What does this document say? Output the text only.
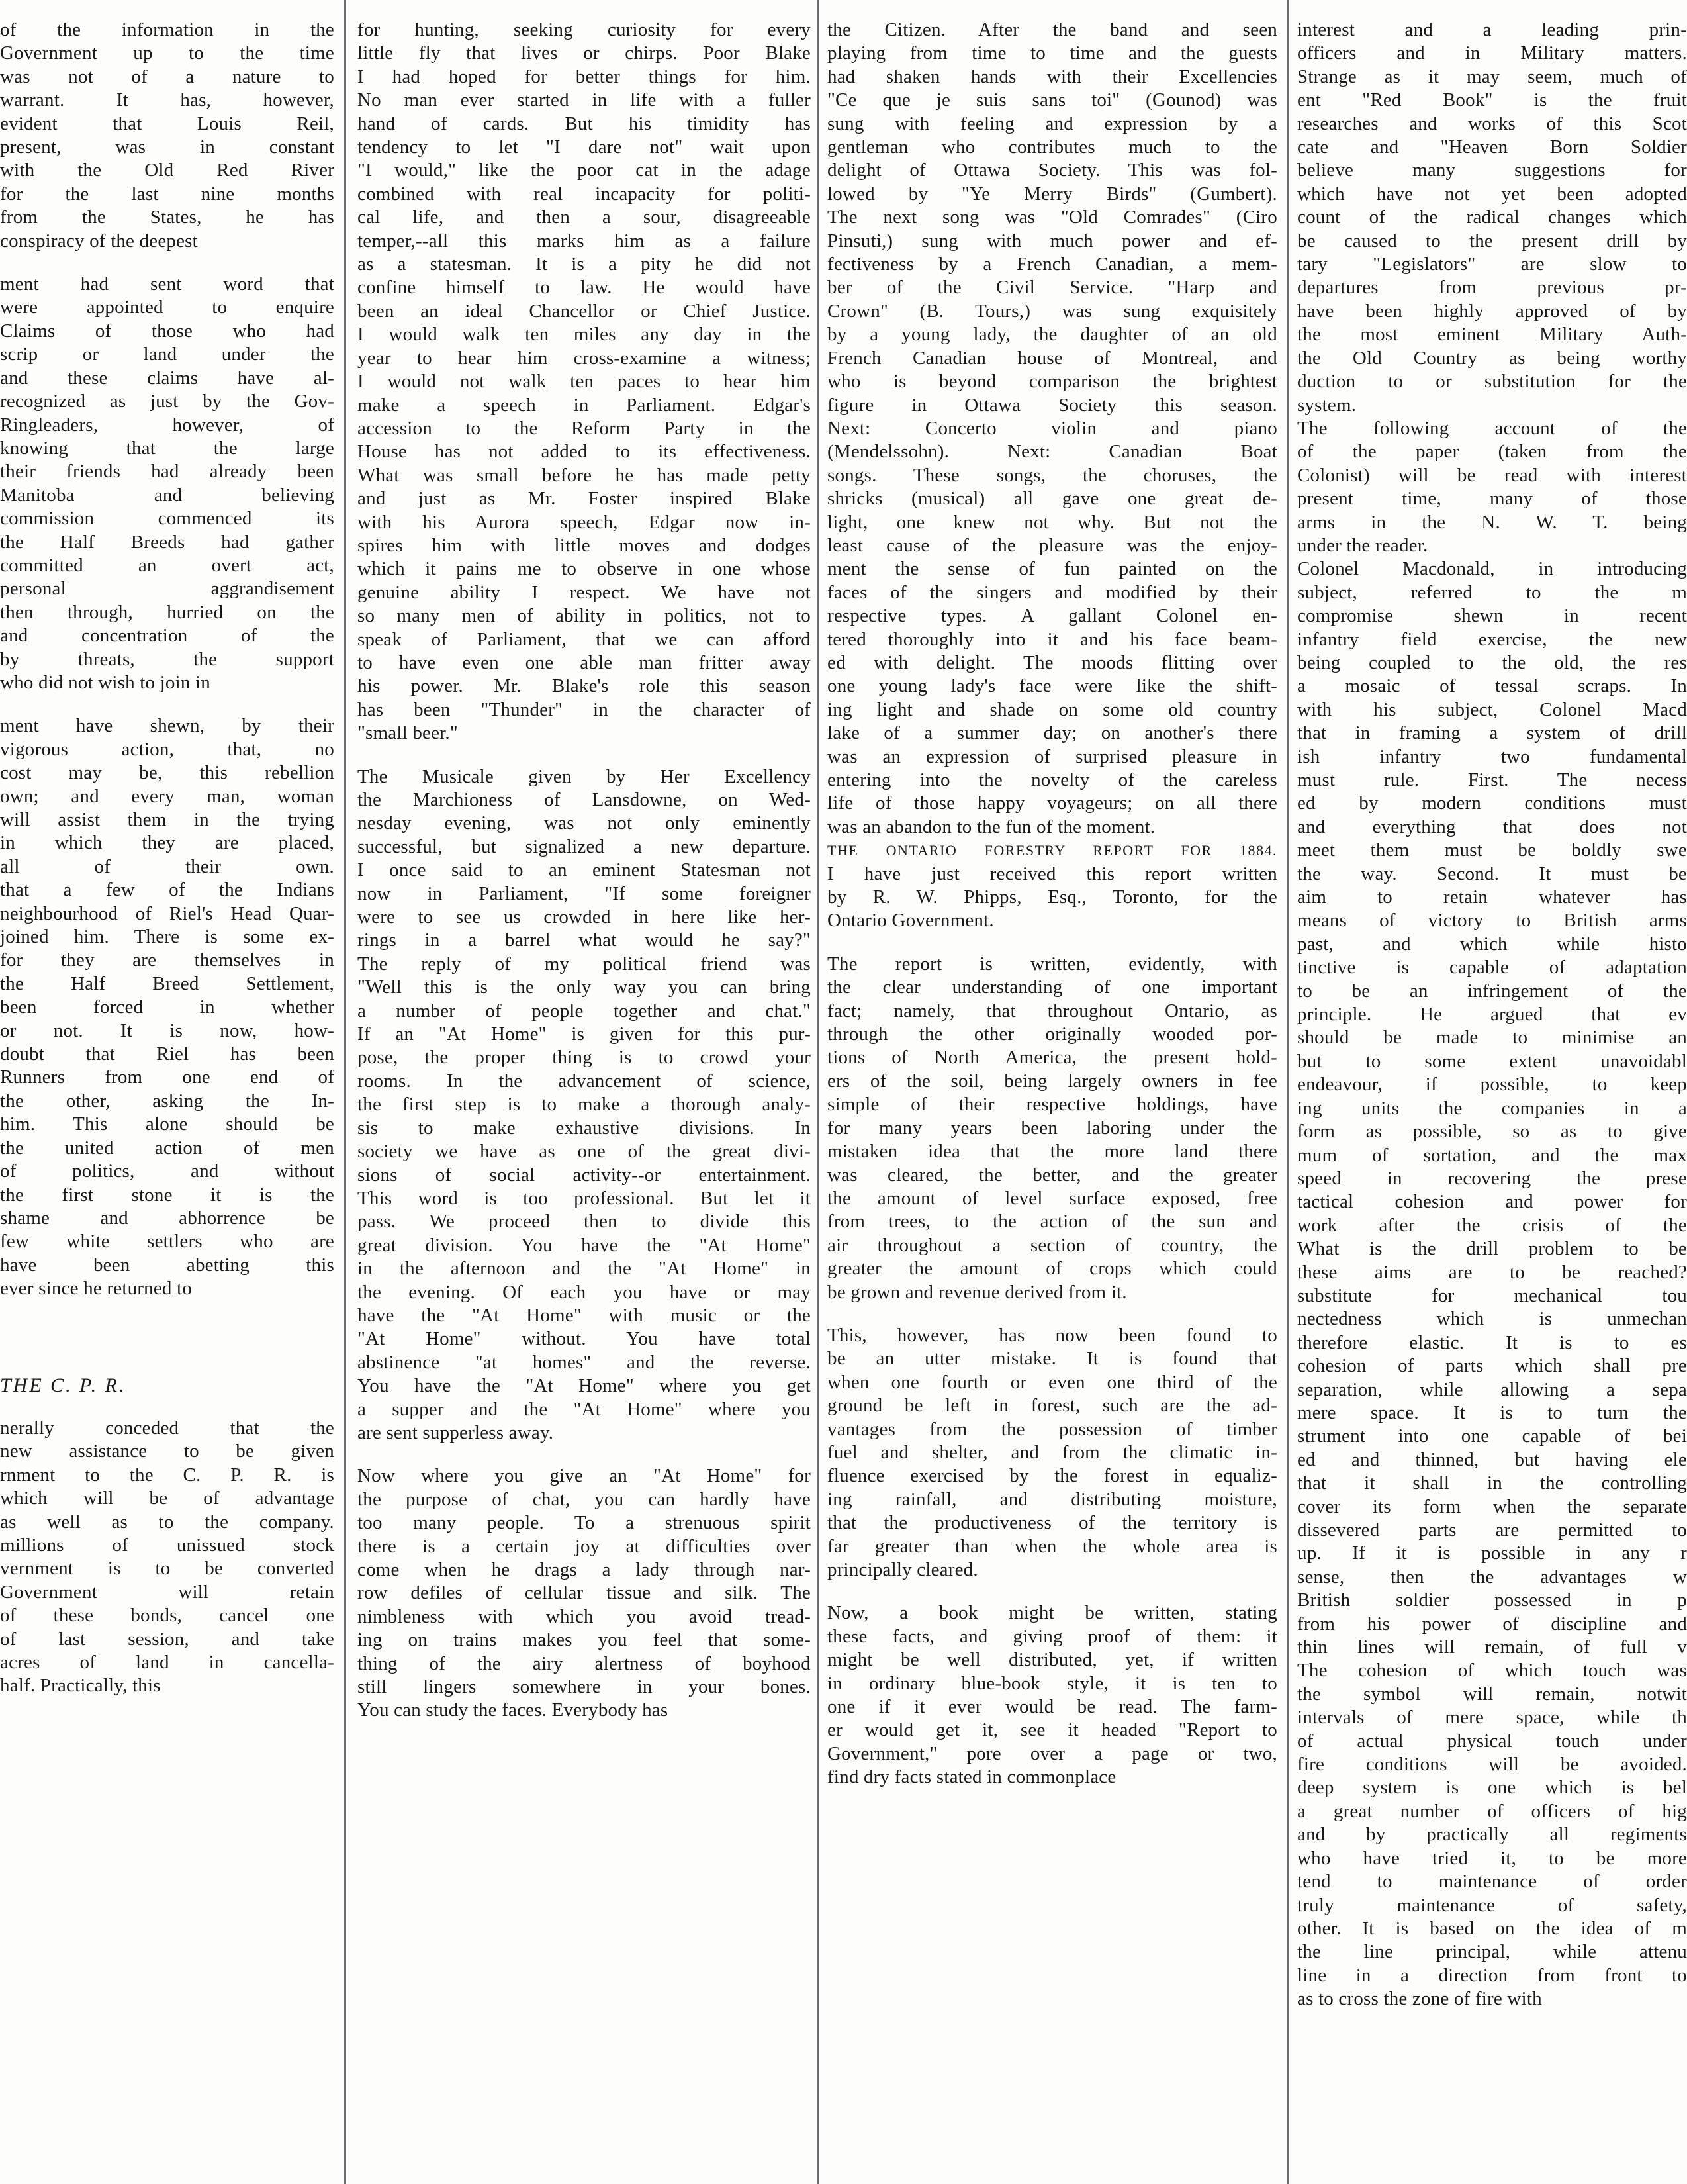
of the information in the
Government up to the time
was not of a nature to
warrant. It has, however,
evident that Louis Reil,
present, was in constant
with the Old Red River
for the last nine months
from the States, he has
conspiracy of the deepest
ment had sent word that
were appointed to enquire
Claims of those who had
scrip or land under the
and these claims have al-
recognized as just by the Gov-
Ringleaders, however, of
knowing that the large
their friends had already been
Manitoba and believing
commission commenced its
the Half Breeds had gather
committed an overt act,
personal aggrandisement
then through, hurried on the
and concentration of the
by threats, the support
who did not wish to join in
ment have shewn, by their
vigorous action, that, no
cost may be, this rebellion
own; and every man, woman
will assist them in the trying
in which they are placed,
all of their own.
that a few of the Indians
neighbourhood of Riel's Head Quar-
joined him. There is some ex-
for they are themselves in
the Half Breed Settlement,
been forced in whether
or not. It is now, how-
doubt that Riel has been
Runners from one end of
the other, asking the In-
him. This alone should be
the united action of men
of politics, and without
the first stone it is the
shame and abhorrence be
few white settlers who are
have been abetting this
ever since he returned to
THE C. P. R.
nerally conceded that the
new assistance to be given
rnment to the C. P. R. is
which will be of advantage
as well as to the company.
millions of unissued stock
vernment is to be converted
Government will retain
of these bonds, cancel one
of last session, and take
acres of land in cancella-
half. Practically, this
for hunting, seeking curiosity for every
little fly that lives or chirps. Poor Blake
I had hoped for better things for him.
No man ever started in life with a fuller
hand of cards. But his timidity has
tendency to let "I dare not" wait upon
"I would," like the poor cat in the adage
combined with real incapacity for politi-
cal life, and then a sour, disagreeable
temper,--all this marks him as a failure
as a statesman. It is a pity he did not
confine himself to law. He would have
been an ideal Chancellor or Chief Justice.
I would walk ten miles any day in the
year to hear him cross-examine a witness;
I would not walk ten paces to hear him
make a speech in Parliament. Edgar's
accession to the Reform Party in the
House has not added to its effectiveness.
What was small before he has made petty
and just as Mr. Foster inspired Blake
with his Aurora speech, Edgar now in-
spires him with little moves and dodges
which it pains me to observe in one whose
genuine ability I respect. We have not
so many men of ability in politics, not to
speak of Parliament, that we can afford
to have even one able man fritter away
his power. Mr. Blake's role this season
has been "Thunder" in the character of
"small beer."
The Musicale given by Her Excellency
the Marchioness of Lansdowne, on Wed-
nesday evening, was not only eminently
successful, but signalized a new departure.
I once said to an eminent Statesman not
now in Parliament, "If some foreigner
were to see us crowded in here like her-
rings in a barrel what would he say?"
The reply of my political friend was
"Well this is the only way you can bring
a number of people together and chat."
If an "At Home" is given for this pur-
pose, the proper thing is to crowd your
rooms. In the advancement of science,
the first step is to make a thorough analy-
sis to make exhaustive divisions. In
society we have as one of the great divi-
sions of social activity--or entertainment.
This word is too professional. But let it
pass. We proceed then to divide this
great division. You have the "At Home"
in the afternoon and the "At Home" in
the evening. Of each you have or may
have the "At Home" with music or the
"At Home" without. You have total
abstinence "at homes" and the reverse.
You have the "At Home" where you get
a supper and the "At Home" where you
are sent supperless away.
Now where you give an "At Home" for
the purpose of chat, you can hardly have
too many people. To a strenuous spirit
there is a certain joy at difficulties over
come when he drags a lady through nar-
row defiles of cellular tissue and silk. The
nimbleness with which you avoid tread-
ing on trains makes you feel that some-
thing of the airy alertness of boyhood
still lingers somewhere in your bones.
You can study the faces. Everybody has
the Citizen. After the band and seen
playing from time to time and the guests
had shaken hands with their Excellencies
"Ce que je suis sans toi" (Gounod) was
sung with feeling and expression by a
gentleman who contributes much to the
delight of Ottawa Society. This was fol-
lowed by "Ye Merry Birds" (Gumbert).
The next song was "Old Comrades" (Ciro
Pinsuti,) sung with much power and ef-
fectiveness by a French Canadian, a mem-
ber of the Civil Service. "Harp and
Crown" (B. Tours,) was sung exquisitely
by a young lady, the daughter of an old
French Canadian house of Montreal, and
who is beyond comparison the brightest
figure in Ottawa Society this season.
Next: Concerto violin and piano
(Mendelssohn). Next: Canadian Boat
songs. These songs, the choruses, the
shricks (musical) all gave one great de-
light, one knew not why. But not the
least cause of the pleasure was the enjoy-
ment the sense of fun painted on the
faces of the singers and modified by their
respective types. A gallant Colonel en-
tered thoroughly into it and his face beam-
ed with delight. The moods flitting over
one young lady's face were like the shift-
ing light and shade on some old country
lake of a summer day; on another's there
was an expression of surprised pleasure in
entering into the novelty of the careless
life of those happy voyageurs; on all there
was an abandon to the fun of the moment.
THE ONTARIO FORESTRY REPORT FOR 1884.
I have just received this report written
by R. W. Phipps, Esq., Toronto, for the
Ontario Government.
The report is written, evidently, with
the clear understanding of one important
fact; namely, that throughout Ontario, as
through the other originally wooded por-
tions of North America, the present hold-
ers of the soil, being largely owners in fee
simple of their respective holdings, have
for many years been laboring under the
mistaken idea that the more land there
was cleared, the better, and the greater
the amount of level surface exposed, free
from trees, to the action of the sun and
air throughout a section of country, the
greater the amount of crops which could
be grown and revenue derived from it.
This, however, has now been found to
be an utter mistake. It is found that
when one fourth or even one third of the
ground be left in forest, such are the ad-
vantages from the possession of timber
fuel and shelter, and from the climatic in-
fluence exercised by the forest in equaliz-
ing rainfall, and distributing moisture,
that the productiveness of the territory is
far greater than when the whole area is
principally cleared.
Now, a book might be written, stating
these facts, and giving proof of them: it
might be well distributed, yet, if written
in ordinary blue-book style, it is ten to
one if it ever would be read. The farm-
er would get it, see it headed "Report to
Government," pore over a page or two,
find dry facts stated in commonplace
interest and a leading prin-
officers and in Military matters.
Strange as it may seem, much of
ent "Red Book" is the fruit
researches and works of this Scot
cate and "Heaven Born Soldier
believe many suggestions for
which have not yet been adopted
count of the radical changes which
be caused to the present drill by
tary "Legislators" are slow to
departures from previous pr-
have been highly approved of by
the most eminent Military Auth-
the Old Country as being worthy
duction to or substitution for the
system.
The following account of the
of the paper (taken from the
Colonist) will be read with interest
present time, many of those
arms in the N. W. T. being
under the reader.
Colonel Macdonald, in introducing
subject, referred to the m
compromise shewn in recent
infantry field exercise, the new
being coupled to the old, the res
a mosaic of tessal scraps. In
with his subject, Colonel Macd
that in framing a system of drill
ish infantry two fundamental
must rule. First. The necess
ed by modern conditions must
and everything that does not
meet them must be boldly swe
the way. Second. It must be
aim to retain whatever has
means of victory to British arms
past, and which while histo
tinctive is capable of adaptation
to be an infringement of the
principle. He argued that ev
should be made to minimise an
but to some extent unavoidabl
endeavour, if possible, to keep
ing units the companies in a
form as possible, so as to give
mum of sortation, and the max
speed in recovering the prese
tactical cohesion and power for
work after the crisis of the
What is the drill problem to be
these aims are to be reached?
substitute for mechanical tou
nectedness which is unmechan
therefore elastic. It is to es
cohesion of parts which shall pre
separation, while allowing a sepa
mere space. It is to turn the
strument into one capable of bei
ed and thinned, but having ele
that it shall in the controlling
cover its form when the separate
dissevered parts are permitted to
up. If it is possible in any r
sense, then the advantages w
British soldier possessed in p
from his power of discipline and
thin lines will remain, of full v
The cohesion of which touch was
the symbol will remain, notwit
intervals of mere space, while th
of actual physical touch under
fire conditions will be avoided.
deep system is one which is bel
a great number of officers of hig
and by practically all regiments
who have tried it, to be more
tend to maintenance of order
truly maintenance of safety,
other. It is based on the idea of m
the line principal, while attenu
line in a direction from front to
as to cross the zone of fire with
